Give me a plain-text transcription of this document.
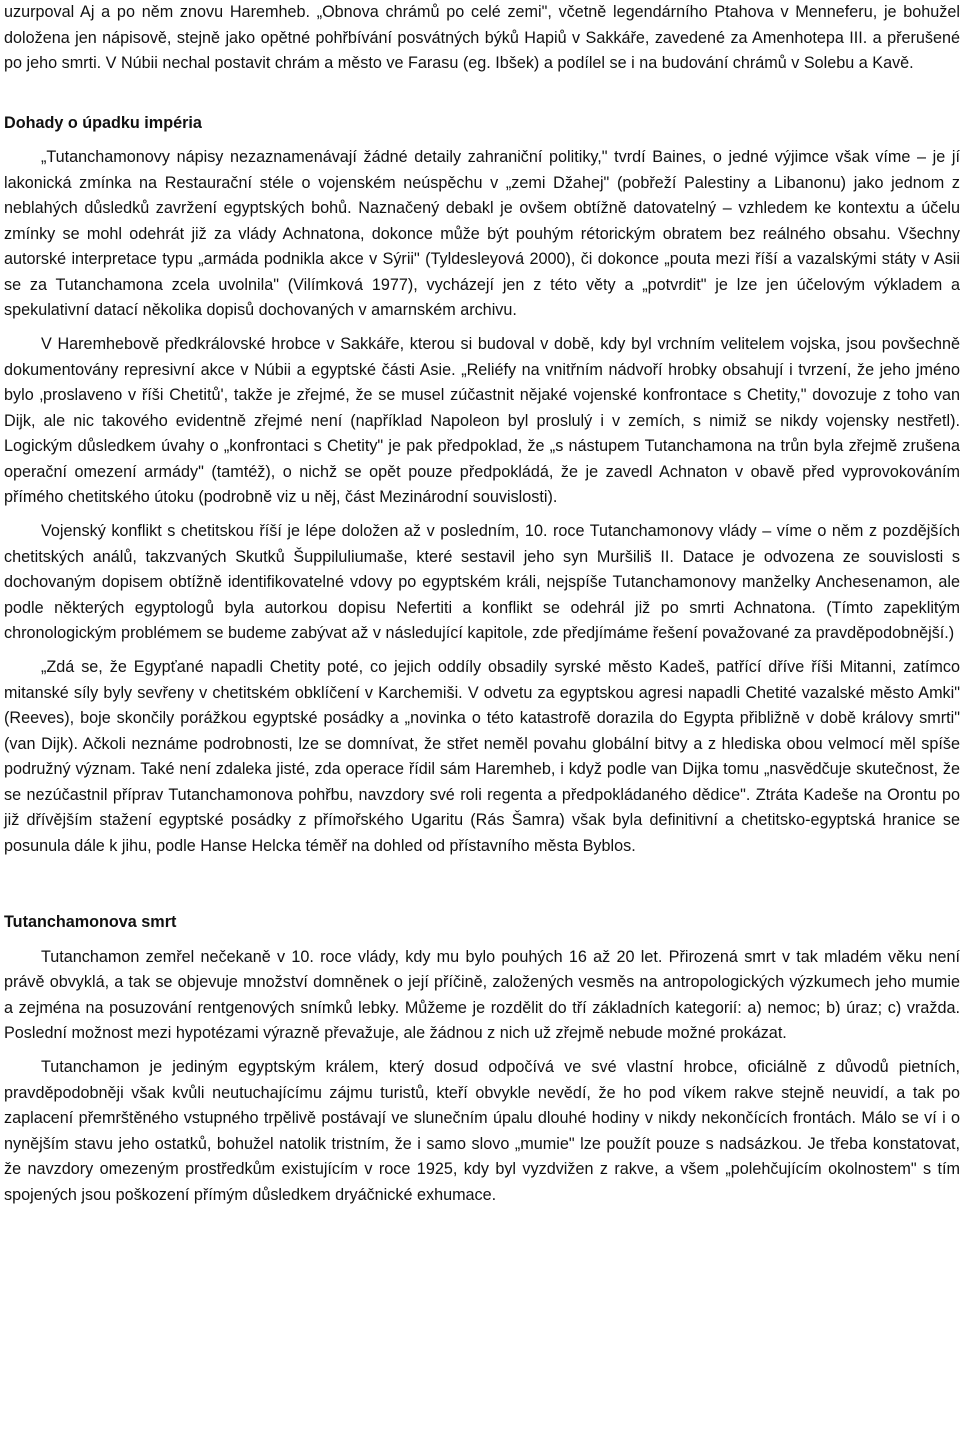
uzurpoval Aj a po něm znovu Haremheb. „Obnova chrámů po celé zemi", včetně legendárního Ptahova v Menneferu, je bohužel doložena jen nápisově, stejně jako opětné pohřbívání posvátných býků Hapiů v Sakkáře, zavedené za Amenhotepa III. a přerušené po jeho smrti. V Núbii nechal postavit chrám a město ve Farasu (eg. Ibšek) a podílel se i na budování chrámů v Solebu a Kavě.

Dohady o úpadku impéria

„Tutanchamonovy nápisy nezaznamenávají žádné detaily zahraniční politiky," tvrdí Baines, o jedné výjimce však víme – je jí lakonická zmínka na Restaurační stéle o vojenském neúspěchu v „zemi Džahej" (pobřeží Palestiny a Libanonu) jako jednom z neblahých důsledků zavržení egyptských bohů. Naznačený debakl je ovšem obtížně datovatelný – vzhledem ke kontextu a účelu zmínky se mohl odehrát již za vlády Achnatona, dokonce může být pouhým rétorickým obratem bez reálného obsahu. Všechny autorské interpretace typu „armáda podnikla akce v Sýrii" (Tyldesleyová 2000), či dokonce „pouta mezi říší a vazalskými státy v Asii se za Tutanchamona zcela uvolnila" (Vilímková 1977), vycházejí jen z této věty a „potvrdit" je lze jen účelovým výkladem a spekulativní datací několika dopisů dochovaných v amarnském archivu.

V Haremhebově předkrálovské hrobce v Sakkáře, kterou si budoval v době, kdy byl vrchním velitelem vojska, jsou povšechně dokumentovány represivní akce v Núbii a egyptské části Asie. „Reliéfy na vnitřním nádvoří hrobky obsahují i tvrzení, že jeho jméno bylo ‚proslaveno v říši Chetitů', takže je zřejmé, že se musel zúčastnit nějaké vojenské konfrontace s Chetity," dovozuje z toho van Dijk, ale nic takového evidentně zřejmé není (například Napoleon byl proslulý i v zemích, s nimiž se nikdy vojensky nestřetl). Logickým důsledkem úvahy o „konfrontaci s Chetity" je pak předpoklad, že „s nástupem Tutanchamona na trůn byla zřejmě zrušena operační omezení armády" (tamtéž), o nichž se opět pouze předpokládá, že je zavedl Achnaton v obavě před vyprovokováním přímého chetitského útoku (podrobně viz u něj, část Mezinárodní souvislosti).

Vojenský konflikt s chetitskou říší je lépe doložen až v posledním, 10. roce Tutanchamonovy vlády – víme o něm z pozdějších chetitských análů, takzvaných Skutků Šuppiluliumaše, které sestavil jeho syn Muršiliš II. Datace je odvozena ze souvislosti s dochovaným dopisem obtížně identifikovatelné vdovy po egyptském králi, nejspíše Tutanchamonovy manželky Anchesenamon, ale podle některých egyptologů byla autorkou dopisu Nefertiti a konflikt se odehrál již po smrti Achnatona. (Tímto zapeklitým chronologickým problémem se budeme zabývat až v následující kapitole, zde předjímáme řešení považované za pravděpodobnější.)

„Zdá se, že Egypťané napadli Chetity poté, co jejich oddíly obsadily syrské město Kadeš, patřící dříve říši Mitanni, zatímco mitanské síly byly sevřeny v chetitském obklíčení v Karchemiši. V odvetu za egyptskou agresi napadli Chetité vazalské město Amki" (Reeves), boje skončily porážkou egyptské posádky a „novinka o této katastrofě dorazila do Egypta přibližně v době královy smrti" (van Dijk). Ačkoli neznáme podrobnosti, lze se domnívat, že střet neměl povahu globální bitvy a z hlediska obou velmocí měl spíše podružný význam. Také není zdaleka jisté, zda operace řídil sám Haremheb, i když podle van Dijka tomu „nasvědčuje skutečnost, že se nezúčastnil příprav Tutanchamonova pohřbu, navzdory své roli regenta a předpokládaného dědice". Ztráta Kadeše na Orontu po již dřívějším stažení egyptské posádky z přímořského Ugaritu (Rás Šamra) však byla definitivní a chetitsko-egyptská hranice se posunula dále k jihu, podle Hanse Helcka téměř na dohled od přístavního města Byblos.

Tutanchamonova smrt

Tutanchamon zemřel nečekaně v 10. roce vlády, kdy mu bylo pouhých 16 až 20 let. Přirozená smrt v tak mladém věku není právě obvyklá, a tak se objevuje množství domněnek o její příčině, založených vesměs na antropologických výzkumech jeho mumie a zejména na posuzování rentgenových snímků lebky. Můžeme je rozdělit do tří základních kategorií: a) nemoc; b) úraz; c) vražda. Poslední možnost mezi hypotézami výrazně převažuje, ale žádnou z nich už zřejmě nebude možné prokázat.

Tutanchamon je jediným egyptským králem, který dosud odpočívá ve své vlastní hrobce, oficiálně z důvodů pietních, pravděpodobněji však kvůli neutuchajícímu zájmu turistů, kteří obvykle nevědí, že ho pod víkem rakve stejně neuvidí, a tak po zaplacení přemrštěného vstupného trpělivě postávají ve slunečním úpalu dlouhé hodiny v nikdy nekončících frontách. Málo se ví i o nynějším stavu jeho ostatků, bohužel natolik tristním, že i samo slovo „mumie" lze použít pouze s nadsázkou. Je třeba konstatovat, že navzdory omezeným prostředkům existujícím v roce 1925, kdy byl vyzdvižen z rakve, a všem „polehčujícím okolnostem" s tím spojených jsou poškození přímým důsledkem dryáčnické exhumace.
